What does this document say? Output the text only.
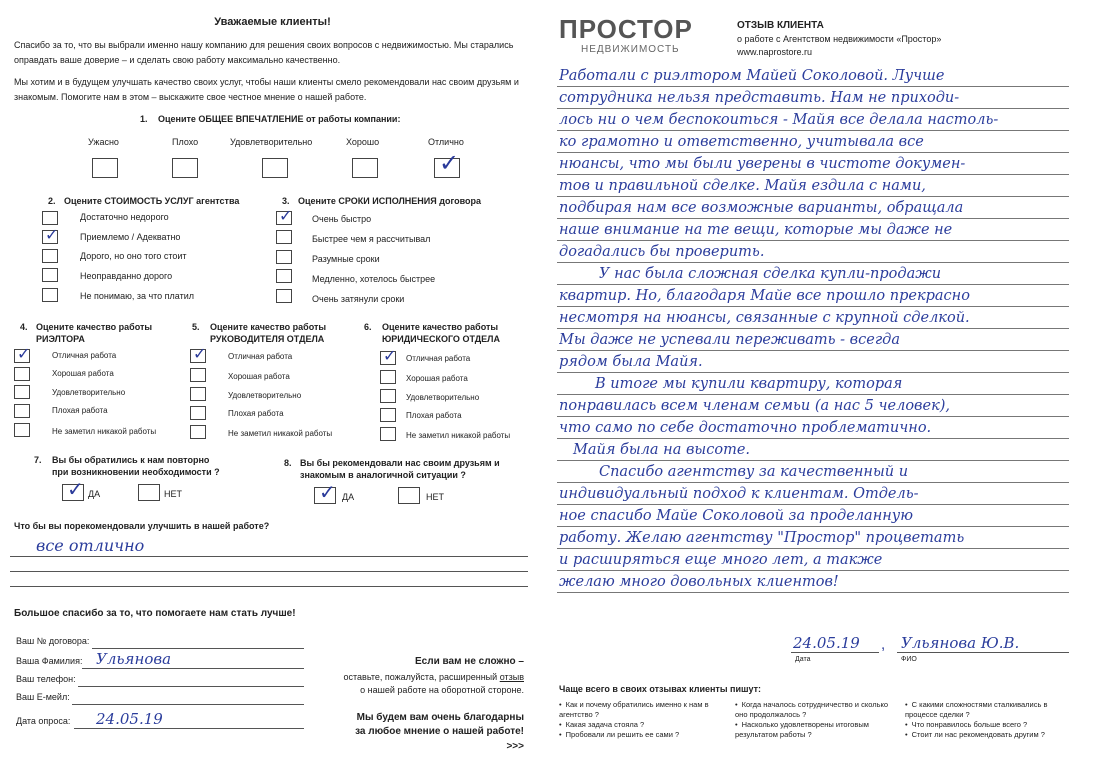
Уважаемые клиенты!
Спасибо за то, что вы выбрали именно нашу компанию для решения своих вопросов с недвижимостью. Мы старались оправдать ваше доверие – и сделать свою работу максимально качественно.
Мы хотим и в будущем улучшать качество своих услуг, чтобы наши клиенты смело рекомендовали нас своим друзьям и знакомым. Помогите нам в этом – выскажите свое честное мнение о нашей работе.
1. Оцените ОБЩЕЕ ВПЕЧАТЛЕНИЕ от работы компании:
Ужасно	Плохо	Удовлетворительно	Хорошо	Отлично
✓
2. Оцените СТОИМОСТЬ УСЛУГ агентства
Достаточно недорого
✓ Приемлемо / Адекватно
Дорого, но оно того стоит
Неоправданно дорого
Не понимаю, за что платил
3. Оцените СРОКИ ИСПОЛНЕНИЯ договора
✓ Очень быстро
Быстрее чем я рассчитывал
Разумные сроки
Медленно, хотелось быстрее
Очень затянули сроки
4. Оцените качество работы
РИЭЛТОРА
✓	Отличная работа
Хорошая работа
Удовлетворительно
Плохая работа
Не заметил никакой работы
5. Оцените качество работы
РУКОВОДИТЕЛЯ ОТДЕЛА
✓	Отличная работа
Хорошая работа
Удовлетворительно
Плохая работа
Не заметил никакой работы
6. Оцените качество работы
ЮРИДИЧЕСКОГО ОТДЕЛА
✓ Отличная работа
Хорошая работа
Удовлетворительно
Плохая работа
Не заметил никакой работы
7. Вы бы обратились к нам повторно
при возникновении необходимости ?
✓ ДА	НЕТ
8. Вы бы рекомендовали нас своим друзьям и
знакомым в аналогичной ситуации ?
✓ ДА	НЕТ
Что бы вы порекомендовали улучшить в нашей работе?
все отлично
Большое спасибо за то, что помогаете нам стать лучше!
Ваш № договора:
Ваша Фамилия: Ульянова
Ваш телефон:
Ваш E-мейл:
Дата опроса: 24.05.19
Если вам не сложно –
оставьте, пожалуйста, расширенный отзыв
о нашей работе на оборотной стороне.
Мы будем вам очень благодарны
за любое мнение о нашей работе!
>>>
ПРОСТОР
НЕДВИЖИМОСТЬ
ОТЗЫВ КЛИЕНТА
о работе с Агентством недвижимости «Простор»
www.naprostore.ru
Работали с риэлтором Майей Соколовой. Лучше
сотрудника нельзя представить. Нам не приходи-
лось ни о чем беспокоиться - Майя все делала настоль-
ко грамотно и ответственно, учитывала все
нюансы, что мы были уверены в чистоте докумен-
тов и правильной сделке. Майя ездила с нами,
подбирая нам все возможные варианты, обращала
наше внимание на те вещи, которые мы даже не
догадались бы проверить.
У нас была сложная сделка купли-продажи
квартир. Но, благодаря Майе все прошло прекрасно
несмотря на нюансы, связанные с крупной сделкой.
Мы даже не успевали переживать - всегда
рядом была Майя.
В итоге мы купили квартиру, которая
понравилась всем членам семьи (а нас 5 человек),
что само по себе достаточно проблематично.
Майя была на высоте.
Спасибо агентству за качественный и
индивидуальный подход к клиентам. Отдель-
ное спасибо Майе Соколовой за проделанную
работу. Желаю агентству "Простор" процветать
и расширяться еще много лет, а также
желаю много довольных клиентов!
24.05.19 , Ульянова Ю.В.
Дата	ФИО
Чаще всего в своих отзывах клиенты пишут:
• Как и почему обратились именно к нам в агентство ?
• Какая задача стояла ?
• Пробовали ли решить ее сами ?
• Когда началось сотрудничество и сколько оно продолжалось ?
• Насколько удовлетворены итоговым результатом работы ?
• С какими сложностями сталкивались в процессе сделки ?
• Что понравилось больше всего ?
• Стоит ли нас рекомендовать другим ?
